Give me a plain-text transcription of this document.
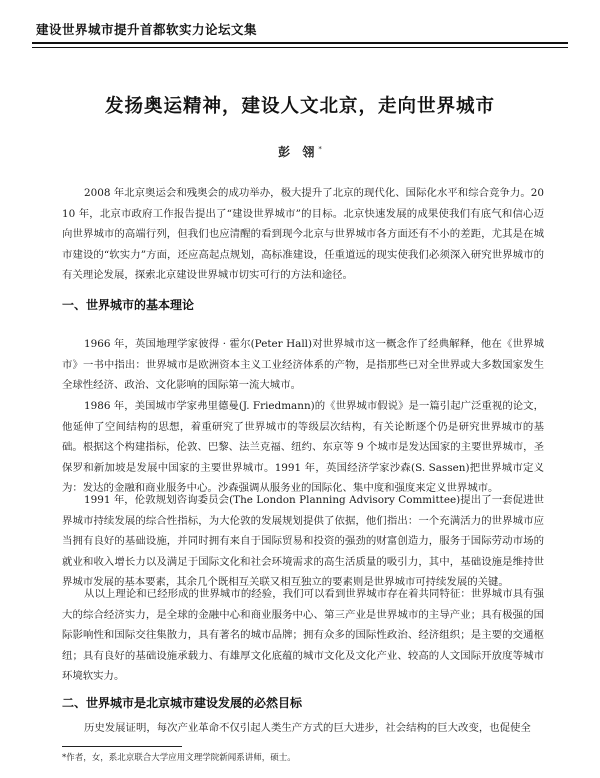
建设世界城市提升首都软实力论坛文集
发扬奥运精神，建设人文北京，走向世界城市
彭 翎*

2008 年北京奥运会和残奥会的成功举办，极大提升了北京的现代化、国际化水平和综合竞争力。2010 年，北京市政府工作报告提出了“建设世界城市”的目标。北京快速发展的成果使我们有底气和信心迈向世界城市的高端行列，但我们也应清醒的看到现今北京与世界城市各方面还有不小的差距，尤其是在城市建设的“软实力”方面，还应高起点规划，高标准建设，任重道远的现实使我们必须深入研究世界城市的有关理论发展，探索北京建设世界城市切实可行的方法和途径。

一、世界城市的基本理论

1966 年，英国地理学家彼得 · 霍尔(Peter Hall)对世界城市这一概念作了经典解释，他在《世界城市》一书中指出：世界城市是欧洲资本主义工业经济体系的产物，是指那些已对全世界或大多数国家发生全球性经济、政治、文化影响的国际第一流大城市。

1986 年，美国城市学家弗里德曼(J. Friedmann)的《世界城市假说》是一篇引起广泛重视的论文，他延伸了空间结构的思想，着重研究了世界城市的等级层次结构，有关论断逐个仍是研究世界城市的基础。根据这个构建指标，伦敦、巴黎、法兰克福、纽约、东京等 9 个城市是发达国家的主要世界城市，圣保罗和新加坡是发展中国家的主要世界城市。1991 年，英国经济学家沙森(S. Sassen)把世界城市定义为：发达的金融和商业服务中心。沙森强调从服务业的国际化、集中度和强度来定义世界城市。

1991 年，伦敦规划咨询委员会(The London Planning Advisory Committee)提出了一套促进世界城市持续发展的综合性指标，为大伦敦的发展规划提供了依据，他们指出：一个充满活力的世界城市应当拥有良好的基础设施，并同时拥有来自于国际贸易和投资的强劲的财富创造力，服务于国际劳动市场的就业和收入增长力以及满足于国际文化和社会环境需求的高生活质量的吸引力，其中，基础设施是维持世界城市发展的基本要素，其余几个既相互关联又相互独立的要素则是世界城市可持续发展的关键。

从以上理论和已经形成的世界城市的经验，我们可以看到世界城市存在着共同特征：世界城市具有强大的综合经济实力，是全球的金融中心和商业服务中心、第三产业是世界城市的主导产业；具有极强的国际影响性和国际交往集散力，具有著名的城市品牌；拥有众多的国际性政治、经济组织；是主要的交通枢纽；具有良好的基础设施承载力、有雄厚文化底蕴的城市文化及文化产业、较高的人文国际开放度等城市环境软实力。

二、世界城市是北京城市建设发展的必然目标

历史发展证明，每次产业革命不仅引起人类生产方式的巨大进步，社会结构的巨大改变，也促使全

*作者，女，系北京联合大学应用文理学院新闻系讲师，硕士。
